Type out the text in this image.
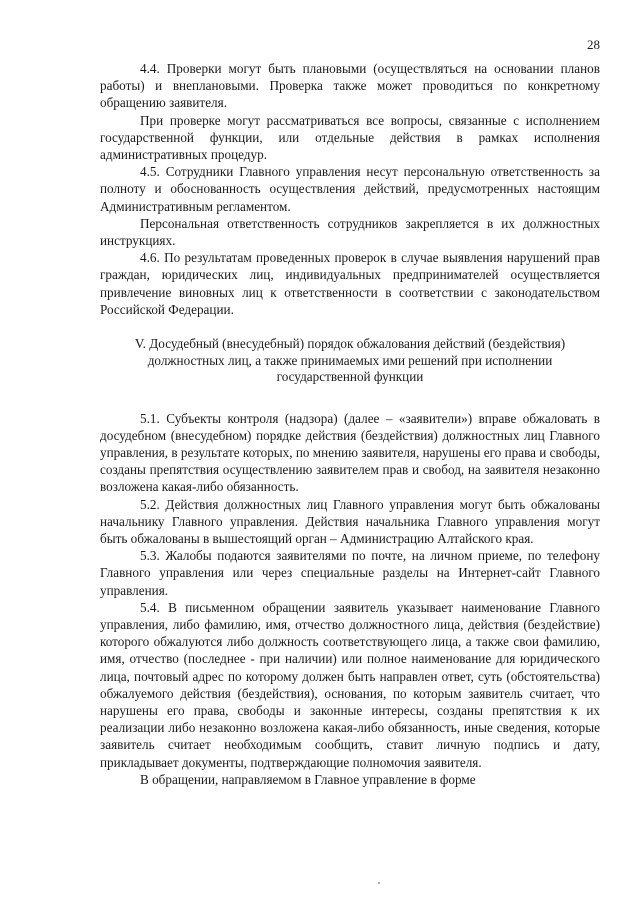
28

4.4. Проверки могут быть плановыми (осуществляться на основании планов работы) и внеплановыми. Проверка также может проводиться по конкретному обращению заявителя.

При проверке могут рассматриваться все вопросы, связанные с исполнением государственной функции, или отдельные действия в рамках исполнения административных процедур.

4.5. Сотрудники Главного управления несут персональную ответственность за полноту и обоснованность осуществления действий, предусмотренных настоящим Административным регламентом.

Персональная ответственность сотрудников закрепляется в их должностных инструкциях.

4.6. По результатам проведенных проверок в случае выявления нарушений прав граждан, юридических лиц, индивидуальных предпринимателей осуществляется привлечение виновных лиц к ответственности в соответствии с законодательством Российской Федерации.

V. Досудебный (внесудебный) порядок обжалования действий (бездействия) должностных лиц, а также принимаемых ими решений при исполнении государственной функции

5.1. Субъекты контроля (надзора) (далее – «заявители») вправе обжаловать в досудебном (внесудебном) порядке действия (бездействия) должностных лиц Главного управления, в результате которых, по мнению заявителя, нарушены его права и свободы, созданы препятствия осуществлению заявителем прав и свобод, на заявителя незаконно возложена какая-либо обязанность.

5.2. Действия должностных лиц Главного управления могут быть обжалованы начальнику Главного управления. Действия начальника Главного управления могут быть обжалованы в вышестоящий орган – Администрацию Алтайского края.

5.3. Жалобы подаются заявителями по почте, на личном приеме, по телефону Главного управления или через специальные разделы на Интернет-сайт Главного управления.

5.4. В письменном обращении заявитель указывает наименование Главного управления, либо фамилию, имя, отчество должностного лица, действия (бездействие) которого обжалуются либо должность соответствующего лица, а также свои фамилию, имя, отчество (последнее - при наличии) или полное наименование для юридического лица, почтовый адрес по которому должен быть направлен ответ, суть (обстоятельства) обжалуемого действия (бездействия), основания, по которым заявитель считает, что нарушены его права, свободы и законные интересы, созданы препятствия к их реализации либо незаконно возложена какая-либо обязанность, иные сведения, которые заявитель считает необходимым сообщить, ставит личную подпись и дату, прикладывает документы, подтверждающие полномочия заявителя.

В обращении, направляемом в Главное управление в форме
